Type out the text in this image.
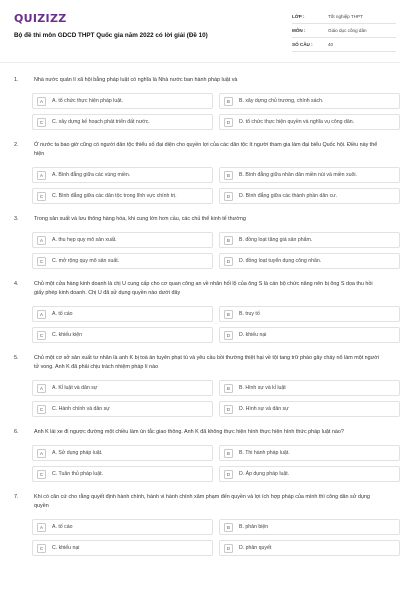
QUIZIZZ
Bộ đề thi môn GDCD THPT Quốc gia năm 2022 có lời giải (Đề 10)
LỚP :	Tốt nghiệp THPT
MÔN :	Giáo dục công dân
SỐ CÂU :	40
1.	Nhà nước quản lí xã hội bằng pháp luật có nghĩa là Nhà nước ban hành pháp luật và
A	A. tổ chức thực hiện pháp luật.	B	B. xây dựng chủ trương, chính sách.
C	C. xây dựng kế hoạch phát triển đất nước.	D	D. tổ chức thực hiện quyền và nghĩa vụ công dân.
2.	Ở nước ta bao giờ cũng có người dân tộc thiểu số đại diện cho quyền lợi của các dân tộc ít người tham gia làm đại biểu Quốc hội. Điều này thể hiện
A	A. Bình đẳng giữa các vùng miền.	B	B. Bình đẳng giữa nhân dân miền núi và miền xuôi.
C	C. Bình đẳng giữa các dân tộc trong lĩnh vực chính trị.	D	D. Bình đẳng giữa các thành phần dân cư.
3.	Trong sản xuất và lưu thông hàng hóa, khi cung lớn hơn cầu, các chủ thể kinh tế thường
A	A. thu hẹp quy mô sản xuất.	B	B. đồng loạt tăng giá sản phẩm.
C	C. mở rộng quy mô sản xuất.	D	D. đồng loạt tuyển dụng công nhân.
4.	Chủ một cửa hàng kinh doanh là chị U cung cấp cho cơ quan công an về nhân hối lộ của ông S là cán bộ chức năng nên bị ông S dọa thu hồi giấy phép kinh doanh. Chị U đã sử dụng quyền nào dưới đây
A	A. tố cáo	B	B. truy tố
C	C. khiếu kiện	D	D. khiếu nại
5.	Chủ một cơ sở sản xuất tư nhân là anh K bị toà án tuyên phạt tù và yêu cầu bồi thường thiệt hại về tội tang trữ pháo gây cháy nổ làm một người tử vong. Anh K đã phải chịu trách nhiệm pháp lí nào
A	A. Kỉ luật và dân sự	B	B. Hình sự và kỉ luật
C	C. Hành chính và dân sự	D	D. Hình sự và dân sự
6.	Anh K lái xe đi ngược đường một chiều làm ùn tắc giao thông. Anh K đã không thực hiện hình thực hiện hình thức pháp luật nào?
A	A. Sử dụng pháp luật.	B	B. Thi hành pháp luật.
C	C. Tuân thủ pháp luật.	D	D. Áp dụng pháp luật.
7.	Khi có căn cứ cho rằng quyết định hành chính, hành vi hành chính xâm phạm đến quyền và lợi ích hợp pháp của mình thì công dân sử dụng quyền
A	A. tố cáo	B	B. phản biện
C	C. khiếu nại	D	D. phản quyết
